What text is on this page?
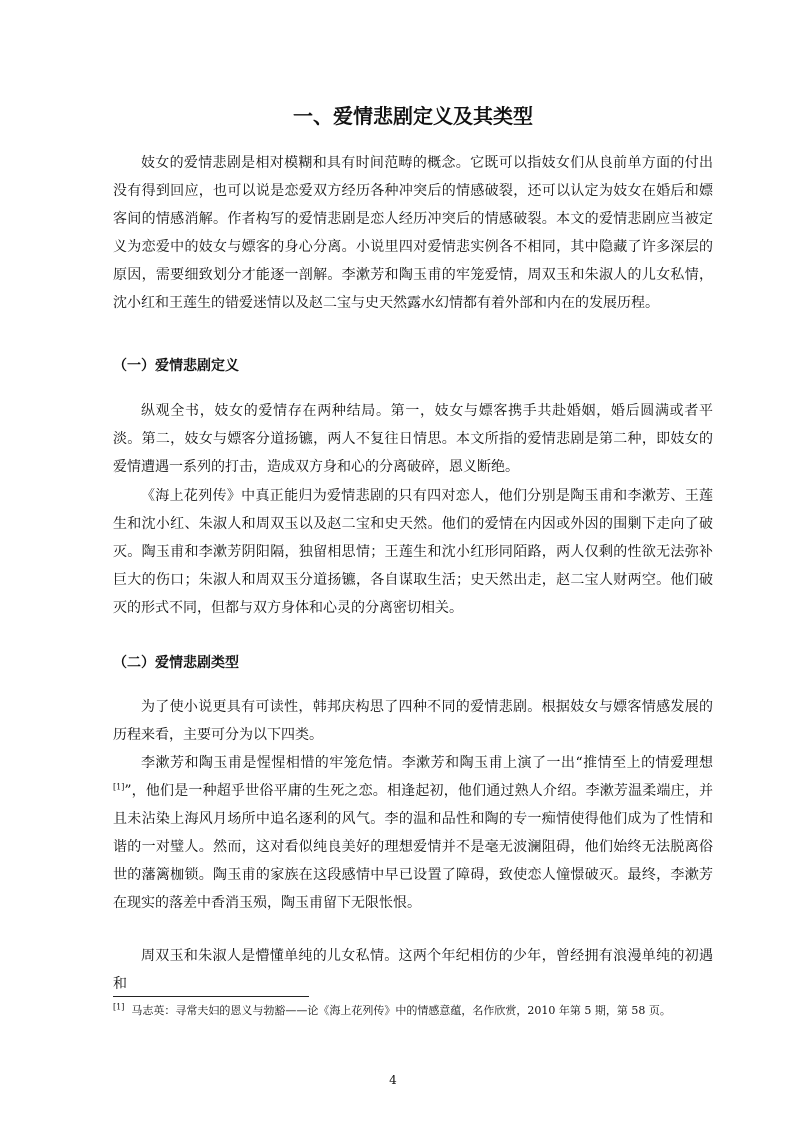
一、爱情悲剧定义及其类型

妓女的爱情悲剧是相对模糊和具有时间范畴的概念。它既可以指妓女们从良前单方面的付出没有得到回应，也可以说是恋爱双方经历各种冲突后的情感破裂，还可以认定为妓女在婚后和嫖客间的情感消解。作者构写的爱情悲剧是恋人经历冲突后的情感破裂。本文的爱情悲剧应当被定义为恋爱中的妓女与嫖客的身心分离。小说里四对爱情悲实例各不相同，其中隐藏了许多深层的原因，需要细致划分才能逐一剖解。李漱芳和陶玉甫的牢笼爱情，周双玉和朱淑人的儿女私情，沈小红和王莲生的错爱迷情以及赵二宝与史天然露水幻情都有着外部和内在的发展历程。

（一）爱情悲剧定义

纵观全书，妓女的爱情存在两种结局。第一，妓女与嫖客携手共赴婚姻，婚后圆满或者平淡。第二，妓女与嫖客分道扬镳，两人不复往日情思。本文所指的爱情悲剧是第二种，即妓女的爱情遭遇一系列的打击，造成双方身和心的分离破碎，恩义断绝。

《海上花列传》中真正能归为爱情悲剧的只有四对恋人，他们分别是陶玉甫和李漱芳、王莲生和沈小红、朱淑人和周双玉以及赵二宝和史天然。他们的爱情在内因或外因的围剿下走向了破灭。陶玉甫和李漱芳阴阳隔，独留相思情；王莲生和沈小红形同陌路，两人仅剩的性欲无法弥补巨大的伤口；朱淑人和周双玉分道扬镳，各自谋取生活；史天然出走，赵二宝人财两空。他们破灭的形式不同，但都与双方身体和心灵的分离密切相关。

（二）爱情悲剧类型

为了使小说更具有可读性，韩邦庆构思了四种不同的爱情悲剧。根据妓女与嫖客情感发展的历程来看，主要可分为以下四类。

李漱芳和陶玉甫是惺惺相惜的牢笼危情。李漱芳和陶玉甫上演了一出“推情至上的情爱理想[1]”，他们是一种超乎世俗平庸的生死之恋。相逢起初，他们通过熟人介绍。李漱芳温柔端庄，并且未沾染上海风月场所中追名逐利的风气。李的温和品性和陶的专一痴情使得他们成为了性情和谐的一对璧人。然而，这对看似纯良美好的理想爱情并不是毫无波澜阻碍，他们始终无法脱离俗世的藩篱枷锁。陶玉甫的家族在这段感情中早已设置了障碍，致使恋人憧憬破灭。最终，李漱芳在现实的落差中香消玉殒，陶玉甫留下无限怅恨。

周双玉和朱淑人是懵懂单纯的儿女私情。这两个年纪相仿的少年，曾经拥有浪漫单纯的初遇和

[1] 马志英：寻常夫妇的恩义与勃豁——论《海上花列传》中的情感意蕴，名作欣赏，2010 年第 5 期，第 58 页。

4
